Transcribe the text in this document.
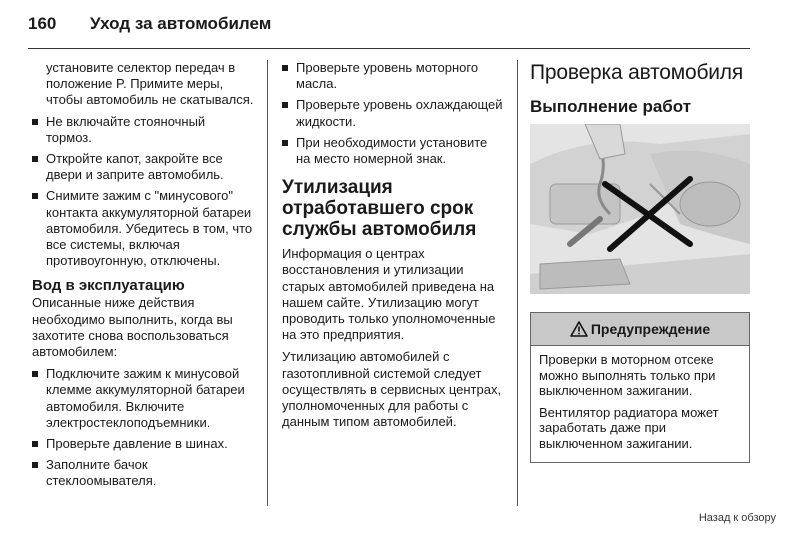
160 Уход за автомобилем
установите селектор передач в положение P. Примите меры, чтобы автомобиль не скатывался.
Не включайте стояночный тормоз.
Откройте капот, закройте все двери и заприте автомобиль.
Снимите зажим с "минусового" контакта аккумуляторной батареи автомобиля. Убедитесь в том, что все системы, включая противоугонную, отключены.
Вод в эксплуатацию

Описанные ниже действия необходимо выполнить, когда вы захотите снова воспользоваться автомобилем:

Подключите зажим к минусовой клемме аккумуляторной батареи автомобиля. Включите электростеклоподъемники.
Проверьте давление в шинах.
Заполните бачок стеклоомывателя.
Проверьте уровень моторного масла.
Проверьте уровень охлаждающей жидкости.
При необходимости установите на место номерной знак.
Утилизация отработавшего срок службы автомобиля

Информация о центрах восстановления и утилизации старых автомобилей приведена на нашем сайте. Утилизацию могут проводить только уполномоченные на это предприятия.

Утилизацию автомобилей с газотопливной системой следует осуществлять в сервисных центрах, уполномоченных для работы с данным типом автомобилей.

Проверка автомобиля
Выполнение работ
Предупреждение

Проверки в моторном отсеке можно выполнять только при выключенном зажигании.

Вентилятор радиатора может заработать даже при выключенном зажигании.

Назад к обзору
